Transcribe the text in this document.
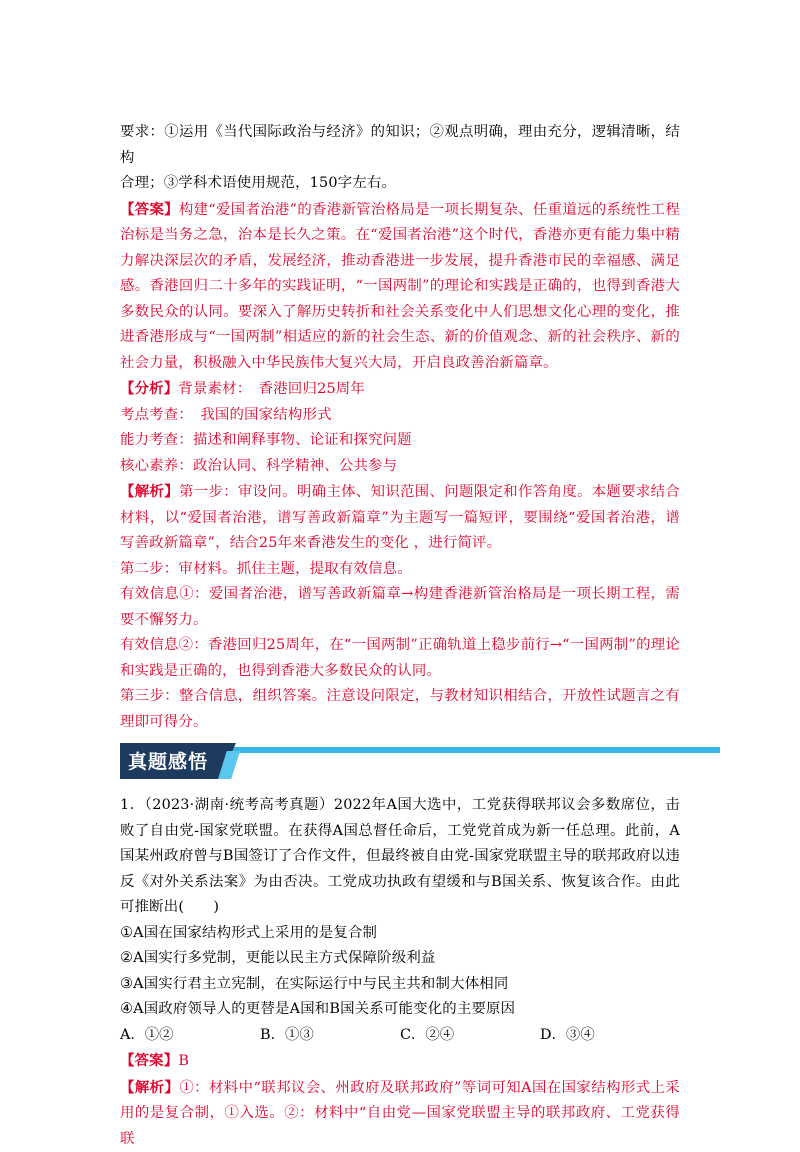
要求：①运用《当代国际政治与经济》的知识；②观点明确，理由充分，逻辑清晰，结构
合理；③学科术语使用规范，150字左右。

【答案】构建“爱国者治港”的香港新管治格局是一项长期复杂、任重道远的系统性工程治标是当务之急，治本是长久之策。在“爱国者治港”这个时代，香港亦更有能力集中精力解决深层次的矛盾，发展经济，推动香港进一步发展，提升香港市民的幸福感、满足感。香港回归二十多年的实践证明，“一国两制”的理论和实践是正确的，也得到香港大多数民众的认同。要深入了解历史转折和社会关系变化中人们思想文化心理的变化，推进香港形成与“一国两制”相适应的新的社会生态、新的价值观念、新的社会秩序、新的社会力量，积极融入中华民族伟大复兴大局，开启良政善治新篇章。

【分析】背景素材：　香港回归25周年
考点考查：　我国的国家结构形式
能力考查：描述和阐释事物、论证和探究问题
核心素养：政治认同、科学精神、公共参与

【解析】第一步：审设问。明确主体、知识范围、问题限定和作答角度。本题要求结合材料，以“爱国者治港，谱写善政新篇章”为主题写一篇短评，要围绕“爱国者治港，谱写善政新篇章”，结合25年来香港发生的变化 ，进行简评。
第二步：审材料。抓住主题，提取有效信息。
有效信息①：爱国者治港，谱写善政新篇章→构建香港新管治格局是一项长期工程，需要不懈努力。
有效信息②：香港回归25周年，在“一国两制”正确轨道上稳步前行→“一国两制”的理论和实践是正确的，也得到香港大多数民众的认同。
第三步：整合信息，组织答案。注意设问限定，与教材知识相结合，开放性试题言之有理即可得分。

真题感悟

1．（2023·湖南·统考高考真题）2022年A国大选中，工党获得联邦议会多数席位，击败了自由党-国家党联盟。在获得A国总督任命后，工党党首成为新一任总理。此前，A国某州政府曾与B国签订了合作文件，但最终被自由党-国家党联盟主导的联邦政府以违反《对外关系法案》为由否决。工党成功执政有望缓和与B国关系、恢复该合作。由此可推断出(　　)

①A国在国家结构形式上采用的是复合制
②A国实行多党制，更能以民主方式保障阶级利益
③A国实行君主立宪制，在实际运行中与民主共和制大体相同
④A国政府领导人的更替是A国和B国关系可能变化的主要原因

A．①②	B．①③	C．②④	D．③④

【答案】B

【解析】①：材料中“联邦议会、州政府及联邦政府”等词可知A国在国家结构形式上采用的是复合制，①入选。②：材料中“自由党—国家党联盟主导的联邦政府、工党获得联
